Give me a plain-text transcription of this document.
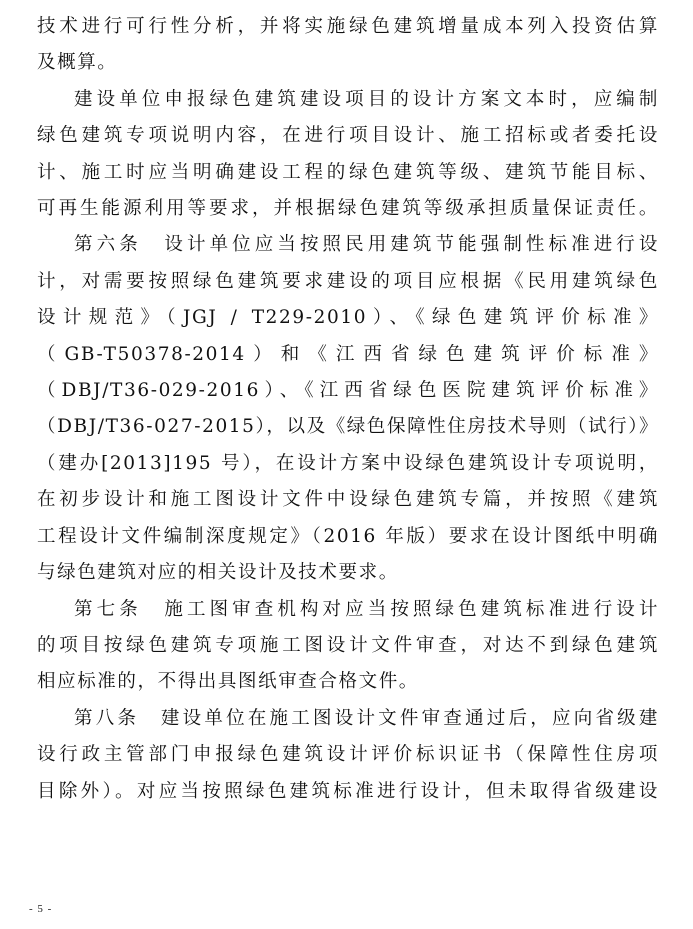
技术进行可行性分析，并将实施绿色建筑增量成本列入投资估算

及概算。

建设单位申报绿色建筑建设项目的设计方案文本时，应编制

绿色建筑专项说明内容，在进行项目设计、施工招标或者委托设

计、施工时应当明确建设工程的绿色建筑等级、建筑节能目标、

可再生能源利用等要求，并根据绿色建筑等级承担质量保证责任。

第六条　设计单位应当按照民用建筑节能强制性标准进行设

计，对需要按照绿色建筑要求建设的项目应根据《民用建筑绿色

设计规范》（JGJ / T229-2010）、《绿色建筑评价标准》

（GB-T50378-2014）和《江西省绿色建筑评价标准》

（DBJ/T36-029-2016）、《江西省绿色医院建筑评价标准》

（DBJ/T36-027-2015），以及《绿色保障性住房技术导则（试行）》

（建办[2013]195 号），在设计方案中设绿色建筑设计专项说明，

在初步设计和施工图设计文件中设绿色建筑专篇，并按照《建筑

工程设计文件编制深度规定》（2016 年版）要求在设计图纸中明确

与绿色建筑对应的相关设计及技术要求。

第七条　施工图审查机构对应当按照绿色建筑标准进行设计

的项目按绿色建筑专项施工图设计文件审查，对达不到绿色建筑

相应标准的，不得出具图纸审查合格文件。

第八条　建设单位在施工图设计文件审查通过后，应向省级建

设行政主管部门申报绿色建筑设计评价标识证书（保障性住房项

目除外）。对应当按照绿色建筑标准进行设计，但未取得省级建设

- 5 -
